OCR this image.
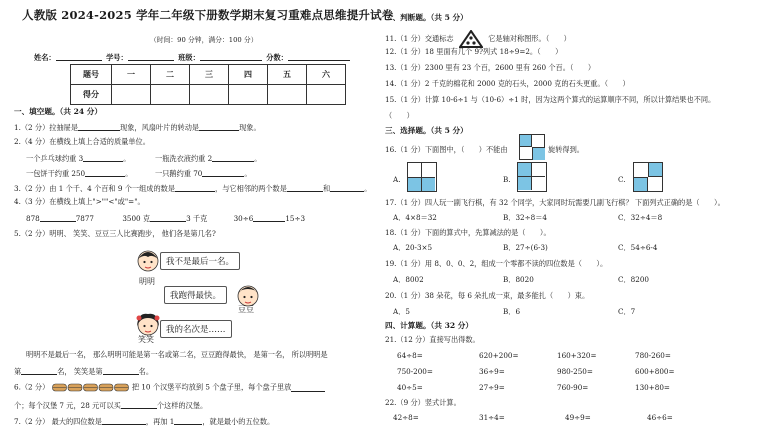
人教版 2024-2025 学年二年级下册数学期末复习重难点思维提升试卷
（时间：90 分钟，满分：100 分）
姓名：	学号：	班级：	分数：
题号	一	二	三	四	五	六
得分						
一、填空题。（共 24 分）
1.（2 分）拉抽屉是	现象，风扇叶片的转动是	现象。
2.（4 分）在横线上填上合适的质量单位。
一个乒乓球约重 3	。	一瓶洗衣液约重 2	。
一包饼干约重 250	。	一只鹅约重 70	。
3.（2 分）由 1 个千、4 个百和 9 个一组成的数是	，与它相邻的两个数是	和	。
4.（3 分）在横线上填上">""<"或"="。
878	7877	3500 克	3 千克	30÷6	15÷3
5.（2 分）明明、 笑笑、豆豆三人比赛跑步， 他们各是第几名?
明明
我不是最后一名。
我跑得最快。
豆豆
笑笑
我的名次是……
明明不是最后一名， 那么明明可能是第一名或第二名，豆豆跑得最快， 是第一名， 所以明明是
第	名， 笑笑是第	名。
6.（2 分）	把 10 个汉堡平均放到 5 个盘子里，每个盘子里放
个；每个汉堡 7 元，28 元可以买	个这样的汉堡。
7.（2 分） 最大的四位数是	，再加 1	，就是最小的五位数。
二、判断题。（共 5 分）
11.（1 分）交通标志	它是轴对称图形。（　　）
12.（1 分）18 里面有几个 9?列式 18÷9=2。（　　）
13.（1 分）2300 里有 23 个百，2600 里有 260 个百。（　　）
14.（1 分）2 千克的棉花和 2000 克的石头，2000 克的石头更重。（　　）
15.（1 分）计算 10-6÷1 与（10-6）÷1 时，因为这两个算式的运算顺序不同，所以计算结果也不同。
（　　）
三、选择题。（共 5 分）
16.（1 分）下面图中，（　　）不能由	旋转得到。
A.	B.	C.
17.（1 分）四人玩一副飞行棋，有 32 个同学，大家同时玩需要几副飞行棋？ 下面列式正确的是（　　）。
A．4×8＝32	B．32÷8＝4	C．32÷4＝8
18.（1 分）下面的算式中，先算减法的是（　　）。
A．20-3×5	B．27÷(6-3)	C．54÷6-4
19.（1 分）用 8、0、0、2，组成一个零都不读的四位数是（　　）。
A．8002	B．8020	C．8200
20.（1 分）38 朵花，每 6 朵扎成一束，最多能扎（　　）束。
A．5	B．6	C．7
四、计算题。（共 32 分）
21.（12 分）直接写出得数。
64÷8=	620+200=	160+320=	780-260=
750-200=	36÷9=	980-250=	600+800=
40÷5=	27÷9=	760-90=	130+80=
22.（9 分）竖式计算。
42÷8=	31÷4=	49÷9=	46÷6=
